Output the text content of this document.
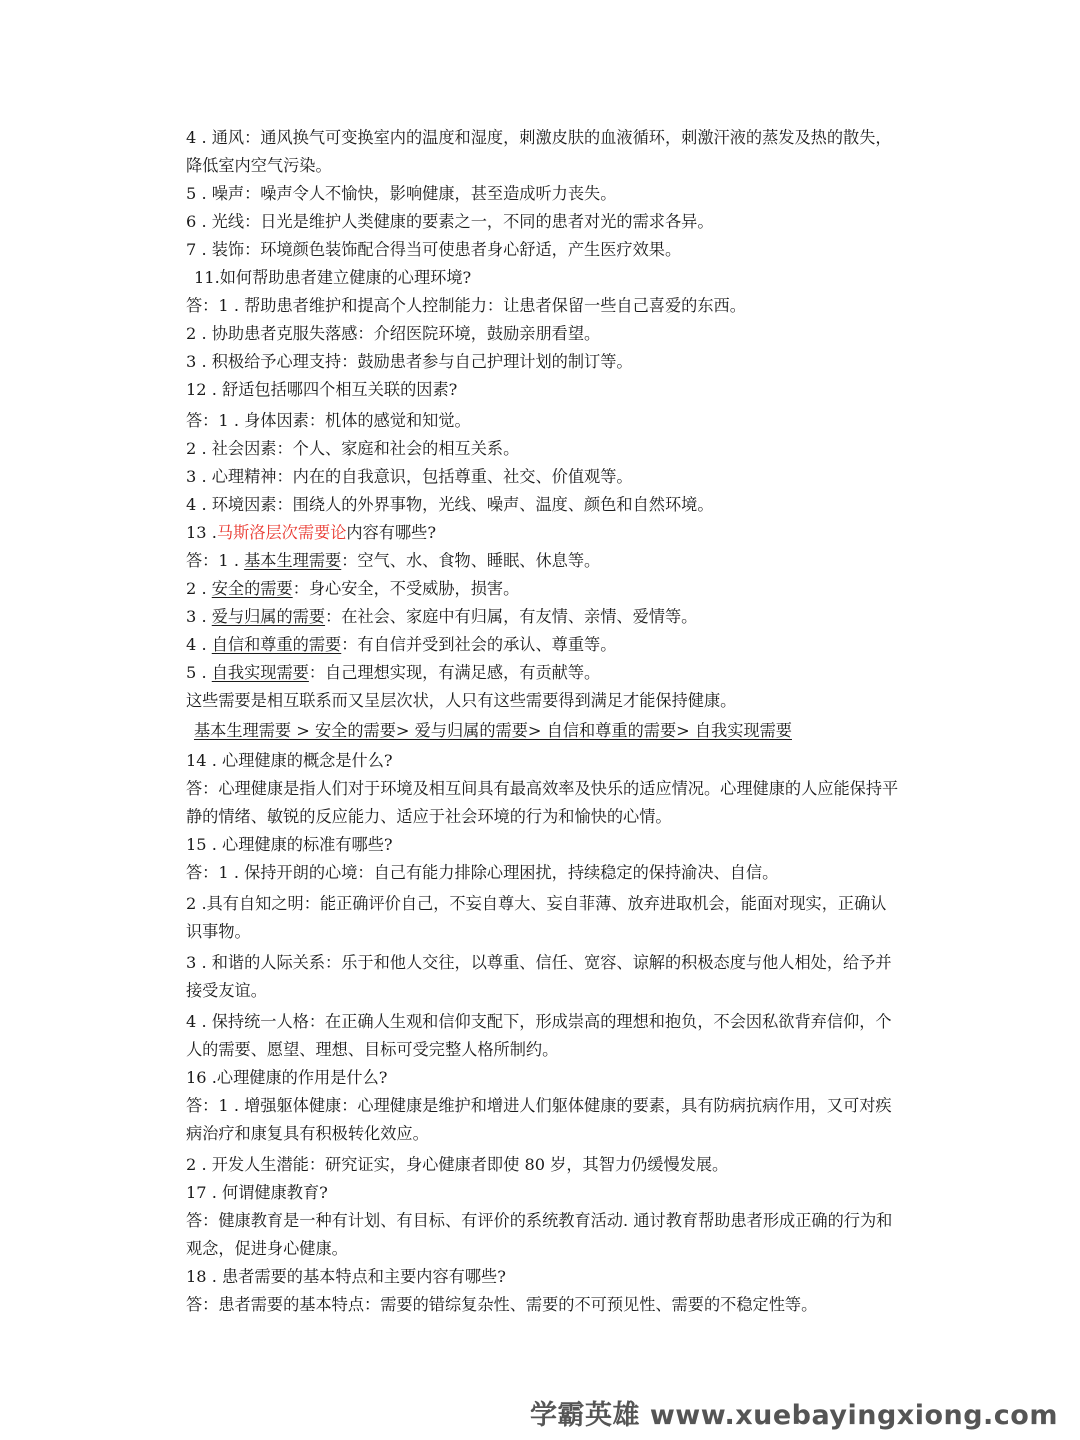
4 . 通风：通风换气可变换室内的温度和湿度，刺激皮肤的血液循环，刺激汗液的蒸发及热的散失，降低室内空气污染。
5 . 噪声：噪声令人不愉快，影响健康，甚至造成听力丧失。
6 . 光线：日光是维护人类健康的要素之一，不同的患者对光的需求各异。
7 . 装饰：环境颜色装饰配合得当可使患者身心舒适，产生医疗效果。
11.如何帮助患者建立健康的心理环境?
答：1 . 帮助患者维护和提高个人控制能力：让患者保留一些自己喜爱的东西。
2 . 协助患者克服失落感：介绍医院环境，鼓励亲朋看望。
3 . 积极给予心理支持：鼓励患者参与自己护理计划的制订等。
12 . 舒适包括哪四个相互关联的因素?
答：1 . 身体因素：机体的感觉和知觉。
2 . 社会因素：个人、家庭和社会的相互关系。
3 . 心理精神：内在的自我意识，包括尊重、社交、价值观等。
4 . 环境因素：围绕人的外界事物，光线、噪声、温度、颜色和自然环境。
13 .马斯洛层次需要论内容有哪些?
答：1 . 基本生理需要：空气、水、食物、睡眠、休息等。
2 . 安全的需要：身心安全，不受威胁，损害。
3 . 爱与归属的需要：在社会、家庭中有归属，有友情、亲情、爱情等。
4 . 自信和尊重的需要：有自信并受到社会的承认、尊重等。
5 . 自我实现需要：自己理想实现，有满足感，有贡献等。
这些需要是相互联系而又呈层次状，人只有这些需要得到满足才能保持健康。
基本生理需要 > 安全的需要> 爱与归属的需要> 自信和尊重的需要> 自我实现需要
14 . 心理健康的概念是什么?
答：心理健康是指人们对于环境及相互间具有最高效率及快乐的适应情况。心理健康的人应能保持平静的情绪、敏锐的反应能力、适应于社会环境的行为和愉快的心情。
15 . 心理健康的标准有哪些?
答：1 . 保持开朗的心境：自己有能力排除心理困扰，持续稳定的保持渝决、自信。
2 .具有自知之明：能正确评价自己，不妄自尊大、妄自菲薄、放弃进取机会，能面对现实，正确认识事物。
3 . 和谐的人际关系：乐于和他人交往，以尊重、信任、宽容、谅解的积极态度与他人相处，给予并接受友谊。
4 . 保持统一人格：在正确人生观和信仰支配下，形成崇高的理想和抱负，不会因私欲背弃信仰，个人的需要、愿望、理想、目标可受完整人格所制约。
16 .心理健康的作用是什么?
答：1 . 增强躯体健康：心理健康是维护和增进人们躯体健康的要素，具有防病抗病作用，又可对疾病治疗和康复具有积极转化效应。
2 . 开发人生潜能：研究证实，身心健康者即使 80 岁，其智力仍缓慢发展。
17 . 何谓健康教育?
答：健康教育是一种有计划、有目标、有评价的系统教育活动. 通讨教育帮助患者形成正确的行为和观念，促进身心健康。
18 . 患者需要的基本特点和主要内容有哪些?
答：患者需要的基本特点：需要的错综复杂性、需要的不可预见性、需要的不稳定性等。
学霸英雄 www.xuebayingxiong.com
